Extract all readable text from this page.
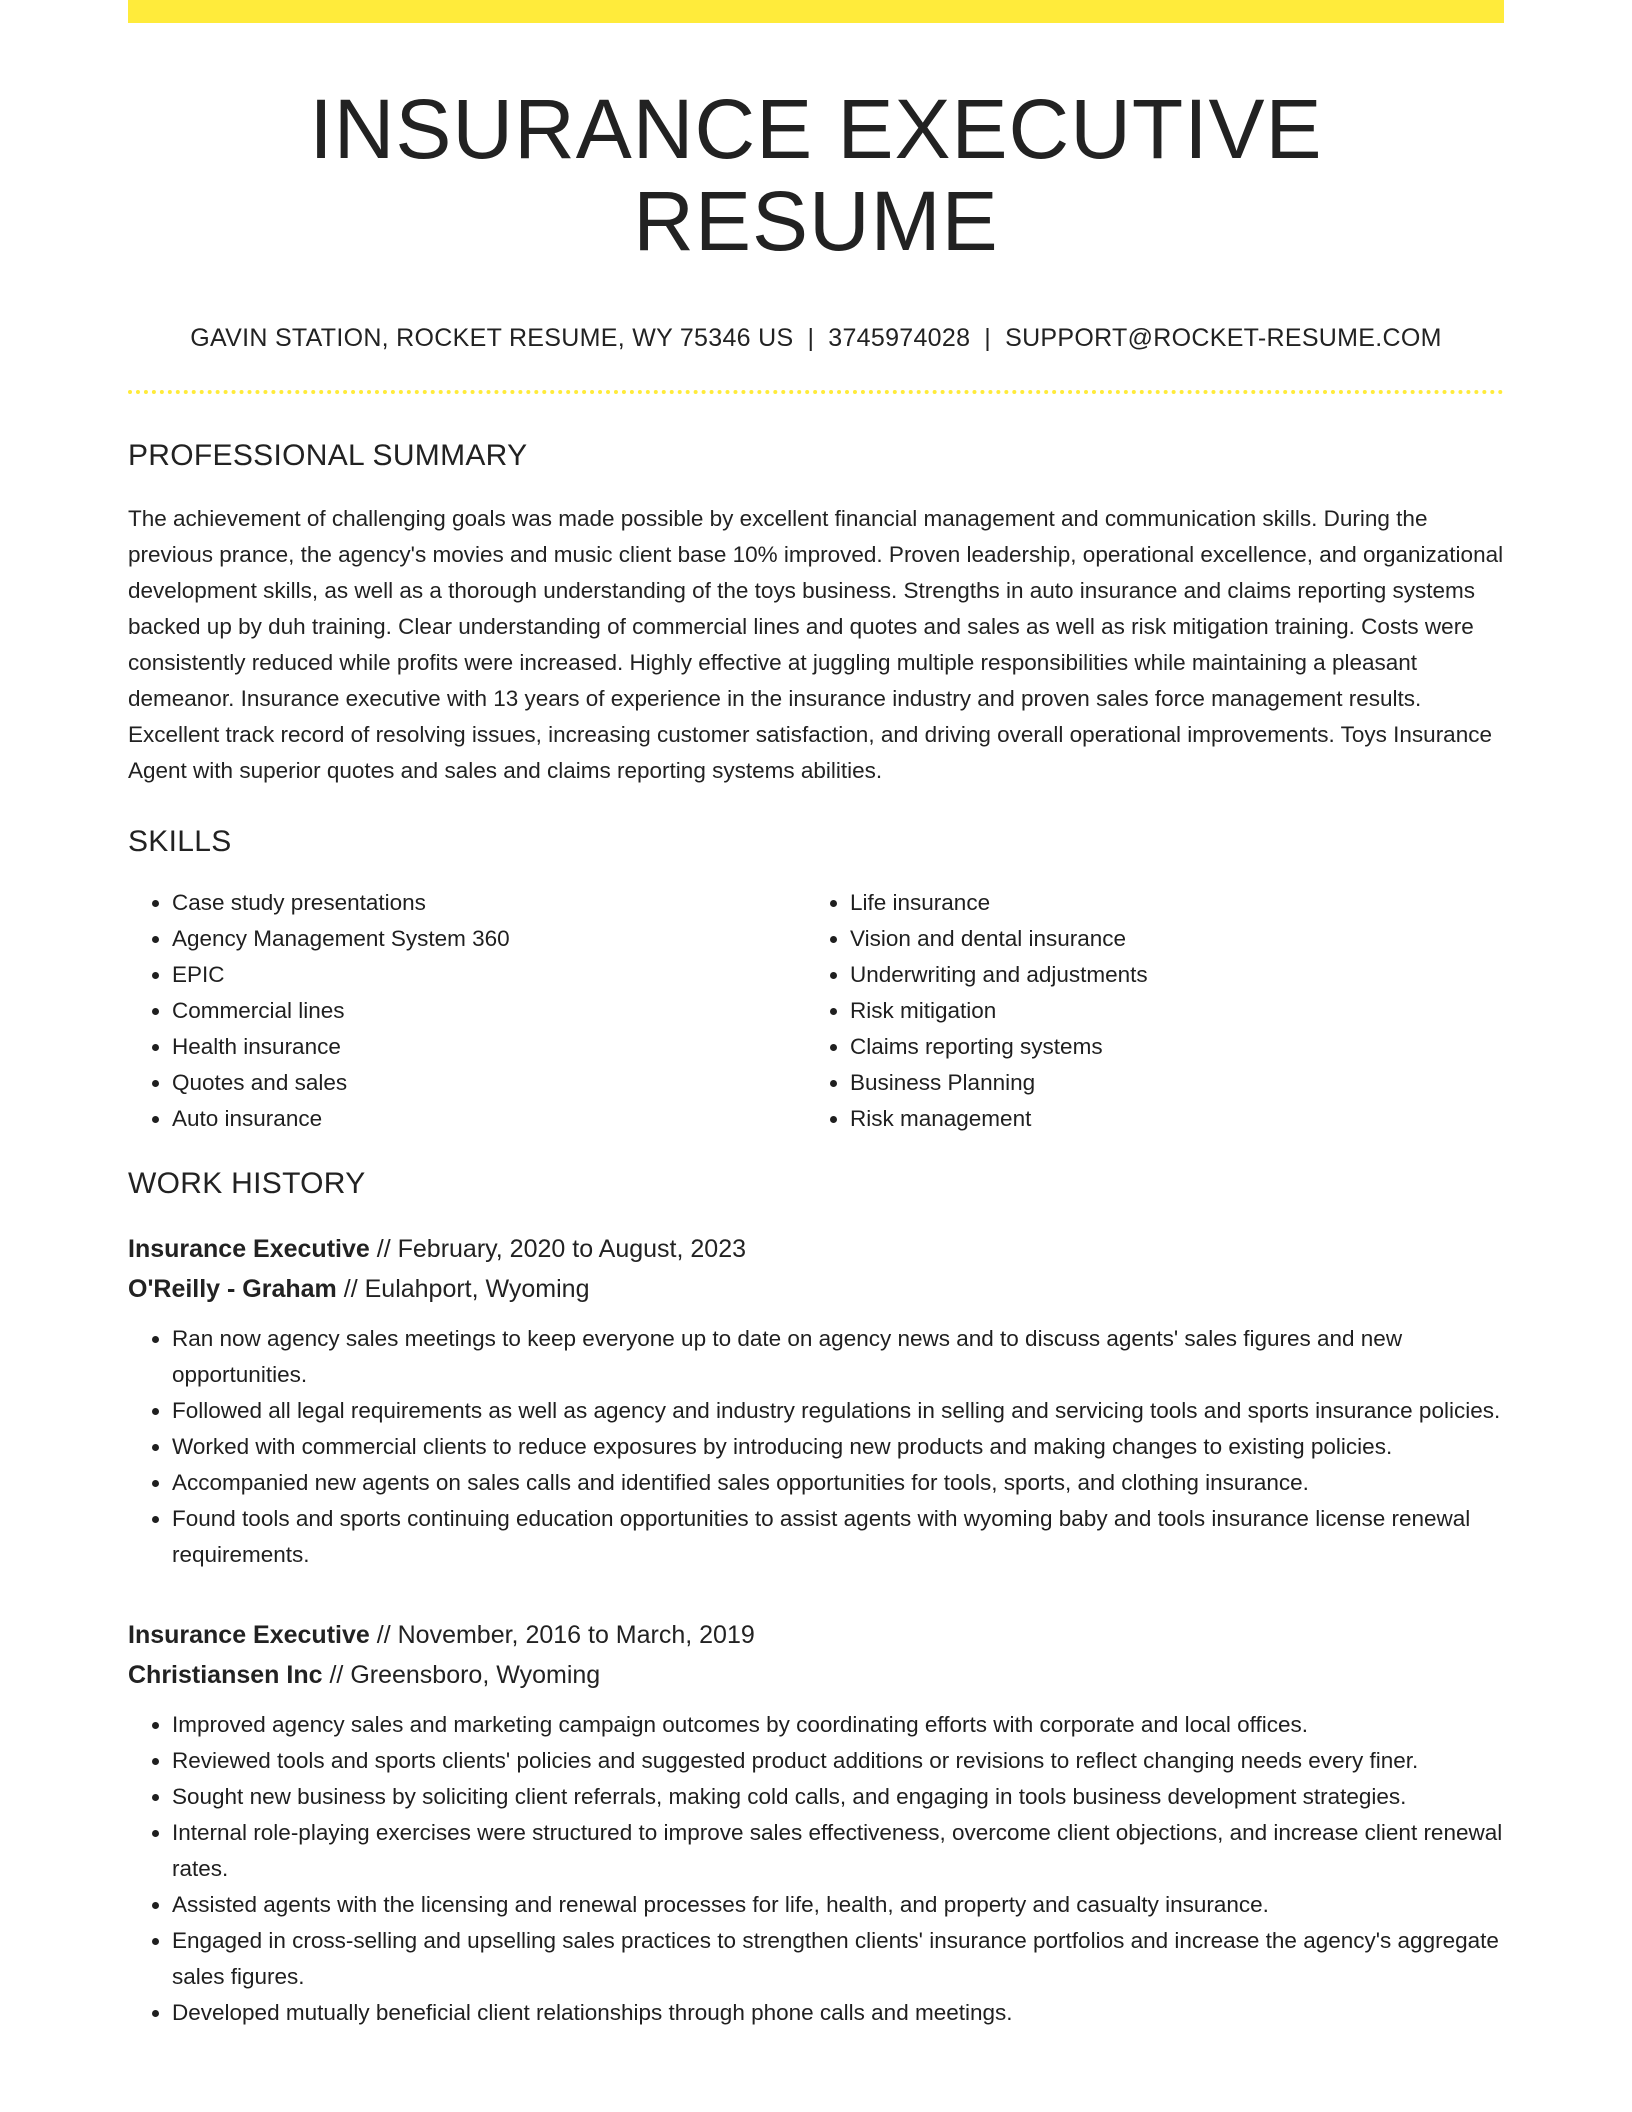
INSURANCE EXECUTIVE RESUME
GAVIN STATION, ROCKET RESUME, WY 75346 US | 3745974028 | SUPPORT@ROCKET-RESUME.COM
PROFESSIONAL SUMMARY

The achievement of challenging goals was made possible by excellent financial management and communication skills. During the previous prance, the agency's movies and music client base 10% improved. Proven leadership, operational excellence, and organizational development skills, as well as a thorough understanding of the toys business. Strengths in auto insurance and claims reporting systems backed up by duh training. Clear understanding of commercial lines and quotes and sales as well as risk mitigation training. Costs were consistently reduced while profits were increased. Highly effective at juggling multiple responsibilities while maintaining a pleasant demeanor. Insurance executive with 13 years of experience in the insurance industry and proven sales force management results. Excellent track record of resolving issues, increasing customer satisfaction, and driving overall operational improvements. Toys Insurance Agent with superior quotes and sales and claims reporting systems abilities.

SKILLS
• Case study presentations
• Agency Management System 360
• EPIC
• Commercial lines
• Health insurance
• Quotes and sales
• Auto insurance
• Life insurance
• Vision and dental insurance
• Underwriting and adjustments
• Risk mitigation
• Claims reporting systems
• Business Planning
• Risk management
WORK HISTORY
Insurance Executive // February, 2020 to August, 2023
O'Reilly - Graham // Eulahport, Wyoming
• Ran now agency sales meetings to keep everyone up to date on agency news and to discuss agents' sales figures and new opportunities.
• Followed all legal requirements as well as agency and industry regulations in selling and servicing tools and sports insurance policies.
• Worked with commercial clients to reduce exposures by introducing new products and making changes to existing policies.
• Accompanied new agents on sales calls and identified sales opportunities for tools, sports, and clothing insurance.
• Found tools and sports continuing education opportunities to assist agents with wyoming baby and tools insurance license renewal requirements.
Insurance Executive // November, 2016 to March, 2019
Christiansen Inc // Greensboro, Wyoming
• Improved agency sales and marketing campaign outcomes by coordinating efforts with corporate and local offices.
• Reviewed tools and sports clients' policies and suggested product additions or revisions to reflect changing needs every finer.
• Sought new business by soliciting client referrals, making cold calls, and engaging in tools business development strategies.
• Internal role-playing exercises were structured to improve sales effectiveness, overcome client objections, and increase client renewal rates.
• Assisted agents with the licensing and renewal processes for life, health, and property and casualty insurance.
• Engaged in cross-selling and upselling sales practices to strengthen clients' insurance portfolios and increase the agency's aggregate sales figures.
• Developed mutually beneficial client relationships through phone calls and meetings.
